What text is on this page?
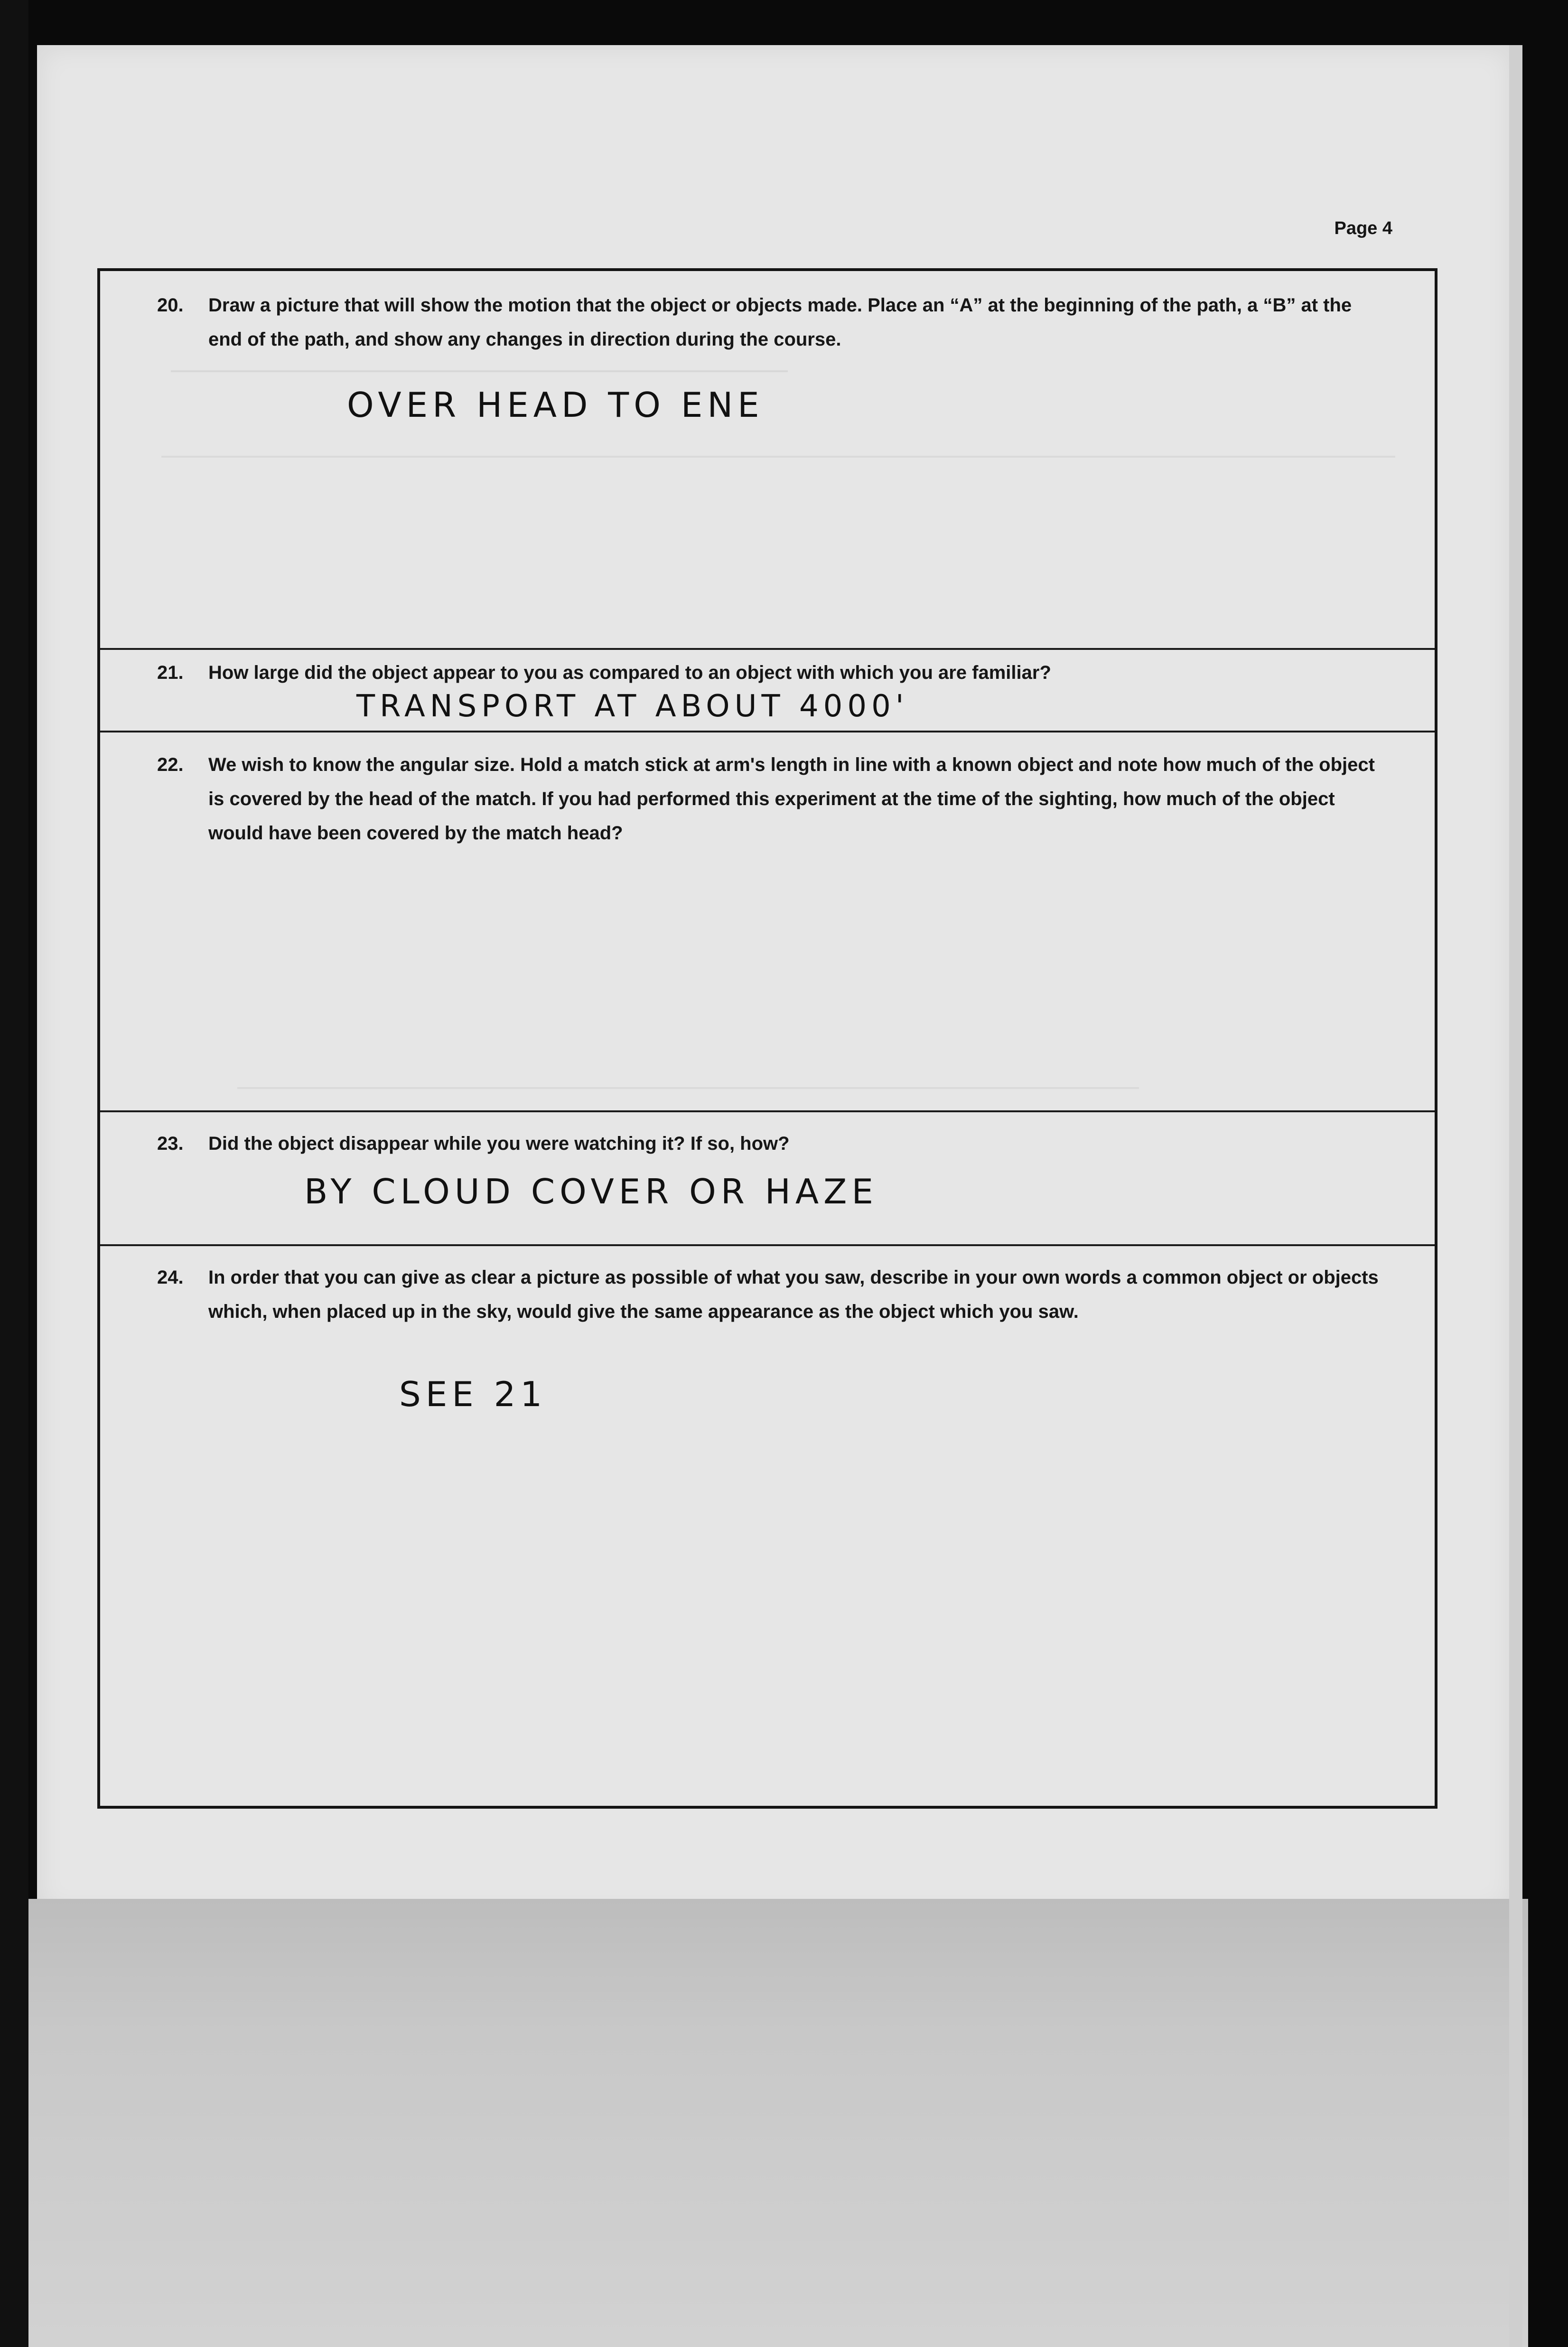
Page 4
20.	Draw a picture that will show the motion that the object or objects made. Place an “A” at the beginning of the path, a “B” at the end of the path, and show any changes in direction during the course.
OVER HEAD TO ENE
21.	How large did the object appear to you as compared to an object with which you are familiar?
TRANSPORT AT ABOUT 4000'
22.	We wish to know the angular size. Hold a match stick at arm's length in line with a known object and note how much of the object is covered by the head of the match. If you had performed this experiment at the time of the sighting, how much of the object would have been covered by the match head?
23.	Did the object disappear while you were watching it? If so, how?
BY CLOUD COVER OR HAZE
24.	In order that you can give as clear a picture as possible of what you saw, describe in your own words a common object or objects which, when placed up in the sky, would give the same appearance as the object which you saw.
SEE 21
